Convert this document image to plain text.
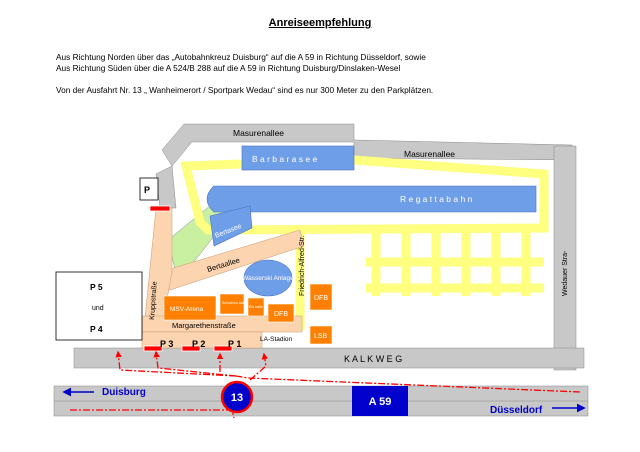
Anreiseempfehlung
Aus Richtung Norden über das „Autobahnkreuz Duisburg“ auf die A 59 in Richtung Düsseldorf, sowie
Aus Richtung Süden über die A 524/B 288 auf die A 59 in Richtung Duisburg/Dinslaken-Wesel
Von der Ausfahrt Nr. 13 „ Wanheimerort / Sportpark Wedau“ sind es nur 300 Meter zu den Parkplätzen.
Masurenallee
Masurenallee
B a r b a r a s e e
R e g a t t a b a h n
Bertasee
Bertaallee
Kruppstraße
Friedrich-Alfred-Str.	Wedauer Stra-
Margarethenstraße
K A L K W E G
P
P 5
und
P 4
P 3 P 2	P 1
MSV-Arena
Schwimm-halle
Eis-halle
DFB
DFB
LSB
Wasserski Anlage
LA-Stadion
13	A 59
Duisburg
Düsseldorf
